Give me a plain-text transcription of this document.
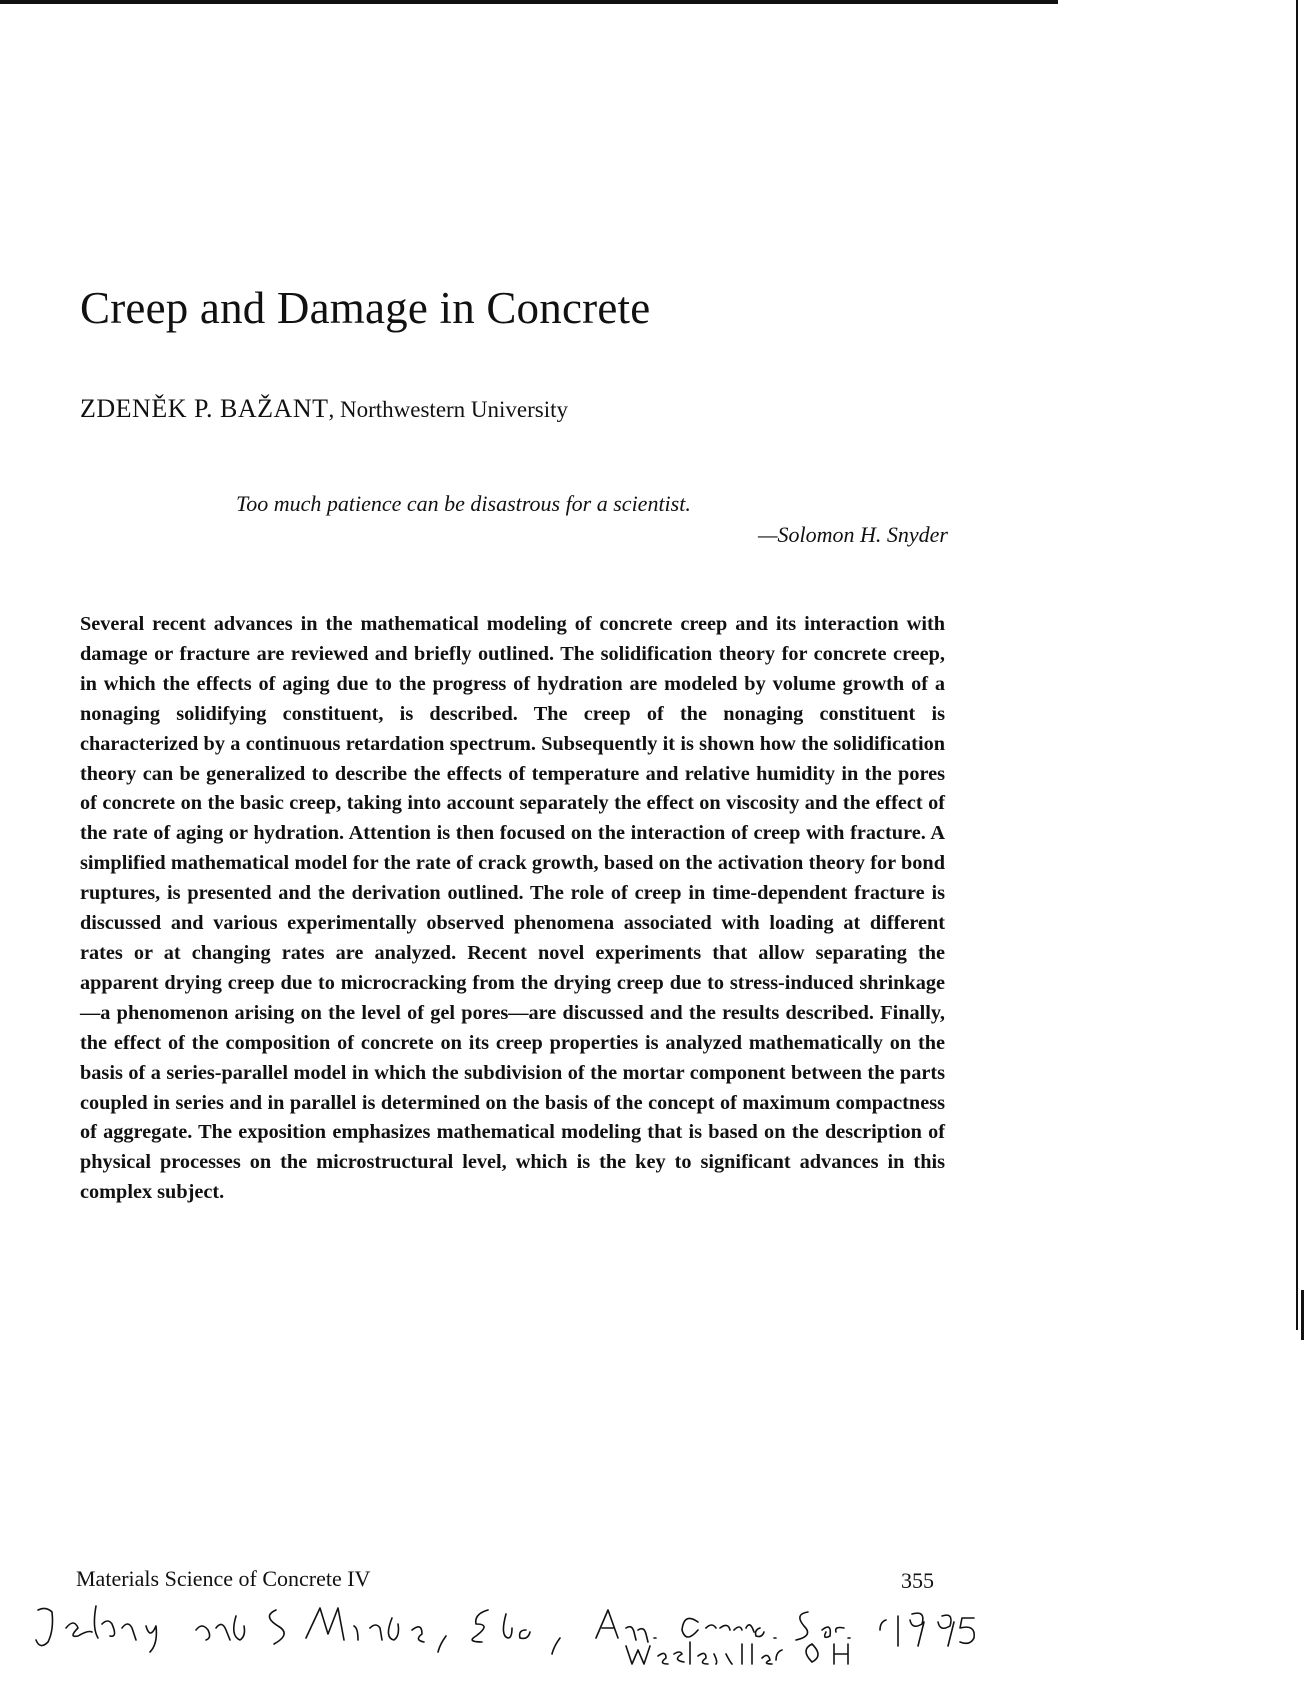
Creep and Damage in Concrete
ZDENĚK P. BAŽANT, Northwestern University
Too much patience can be disastrous for a scientist.
—Solomon H. Snyder

Several recent advances in the mathematical modeling of concrete creep and its interaction with damage or fracture are reviewed and briefly outlined. The solidification theory for concrete creep, in which the effects of aging due to the progress of hydration are modeled by volume growth of a nonaging solidifying constituent, is described. The creep of the nonaging constituent is characterized by a continuous retardation spectrum. Subsequently it is shown how the solidification theory can be generalized to describe the effects of temperature and relative humidity in the pores of concrete on the basic creep, taking into account separately the effect on viscosity and the effect of the rate of aging or hydration. Attention is then focused on the interaction of creep with fracture. A simplified mathematical model for the rate of crack growth, based on the activation theory for bond ruptures, is presented and the derivation outlined. The role of creep in time-dependent fracture is discussed and various experimentally observed phenomena associated with loading at different rates or at changing rates are analyzed. Recent novel experiments that allow separating the apparent drying creep due to microcracking from the drying creep due to stress-induced shrinkage—a phenomenon arising on the level of gel pores—are discussed and the results described. Finally, the effect of the composition of concrete on its creep properties is analyzed mathematically on the basis of a series-parallel model in which the subdivision of the mortar component between the parts coupled in series and in parallel is determined on the basis of the concept of maximum compactness of aggregate. The exposition emphasizes mathematical modeling that is based on the description of physical processes on the microstructural level, which is the key to significant advances in this complex subject.

Materials Science of Concrete IV	355
